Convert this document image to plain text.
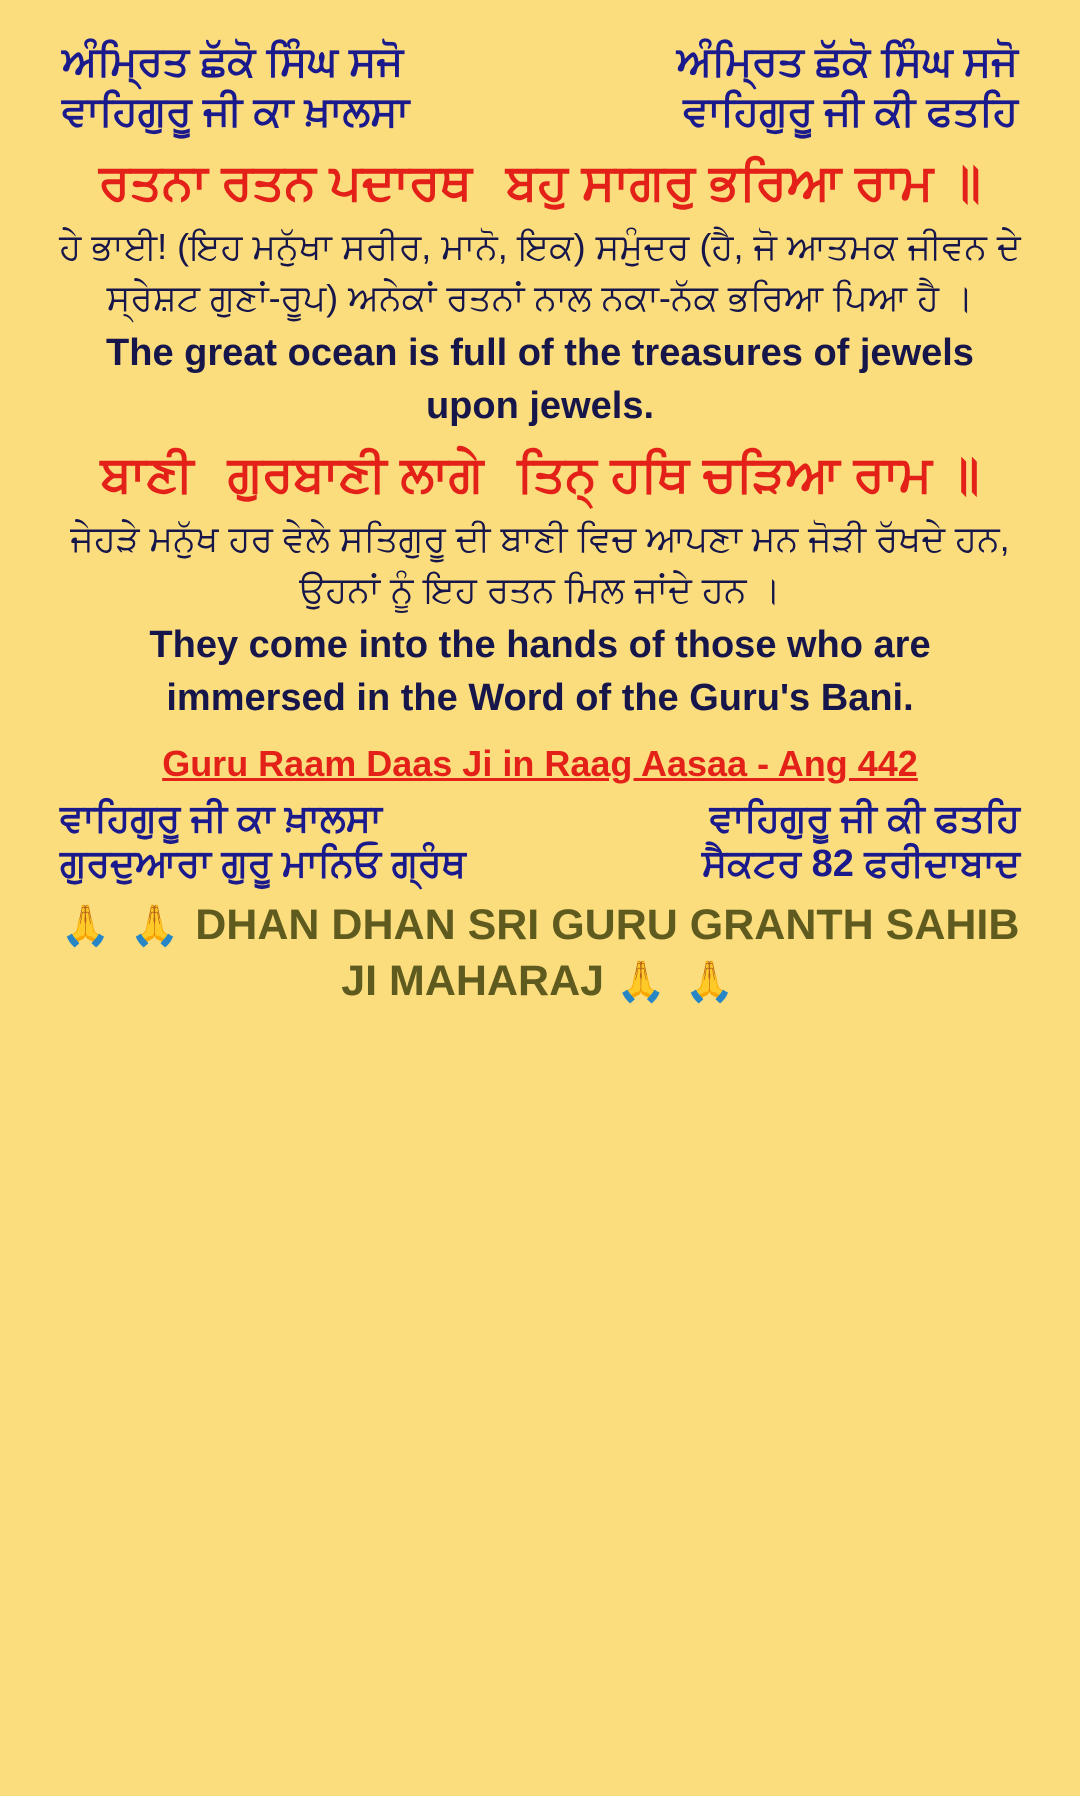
ਅੰਮ੍ਰਿਤ ਛੱਕੋ ਸਿੰਘ ਸਜੋ	ਅੰਮ੍ਰਿਤ ਛੱਕੋ ਸਿੰਘ ਸਜੋ
ਵਾਹਿਗੁਰੂ ਜੀ ਕਾ ਖ਼ਾਲਸਾ	ਵਾਹਿਗੁਰੂ ਜੀ ਕੀ ਫਤਹਿ
ਰਤਨਾ ਰਤਨ ਪਦਾਰਥ ਬਹੁ ਸਾਗਰੁ ਭਰਿਆ ਰਾਮ ॥
ਹੇ ਭਾਈ! (ਇਹ ਮਨੁੱਖਾ ਸਰੀਰ, ਮਾਨੋ, ਇਕ) ਸਮੁੰਦਰ (ਹੈ, ਜੋ ਆਤਮਕ ਜੀਵਨ ਦੇ ਸ੍ਰੇਸ਼ਟ ਗੁਣਾਂ-ਰੂਪ) ਅਨੇਕਾਂ ਰਤਨਾਂ ਨਾਲ ਨਕਾ-ਨੱਕ ਭਰਿਆ ਪਿਆ ਹੈ ।
The great ocean is full of the treasures of jewels upon jewels.
ਬਾਣੀ ਗੁਰਬਾਣੀ ਲਾਗੇ ਤਿਨ੍ ਹਥਿ ਚੜਿਆ ਰਾਮ ॥
ਜੇਹੜੇ ਮਨੁੱਖ ਹਰ ਵੇਲੇ ਸਤਿਗੁਰੂ ਦੀ ਬਾਣੀ ਵਿਚ ਆਪਣਾ ਮਨ ਜੋੜੀ ਰੱਖਦੇ ਹਨ, ਉਹਨਾਂ ਨੂੰ ਇਹ ਰਤਨ ਮਿਲ ਜਾਂਦੇ ਹਨ ।
They come into the hands of those who are immersed in the Word of the Guru's Bani.
Guru Raam Daas Ji in Raag Aasaa - Ang 442
ਵਾਹਿਗੁਰੂ ਜੀ ਕਾ ਖ਼ਾਲਸਾ	ਵਾਹਿਗੁਰੂ ਜੀ ਕੀ ਫਤਹਿ
ਗੁਰਦੁਆਰਾ ਗੁਰੂ ਮਾਨਿਓ ਗ੍ਰੰਥ	ਸੈਕਟਰ 82 ਫਰੀਦਾਬਾਦ
🙏 🙏 DHAN DHAN SRI GURU GRANTH SAHIB JI MAHARAJ 🙏 🙏
